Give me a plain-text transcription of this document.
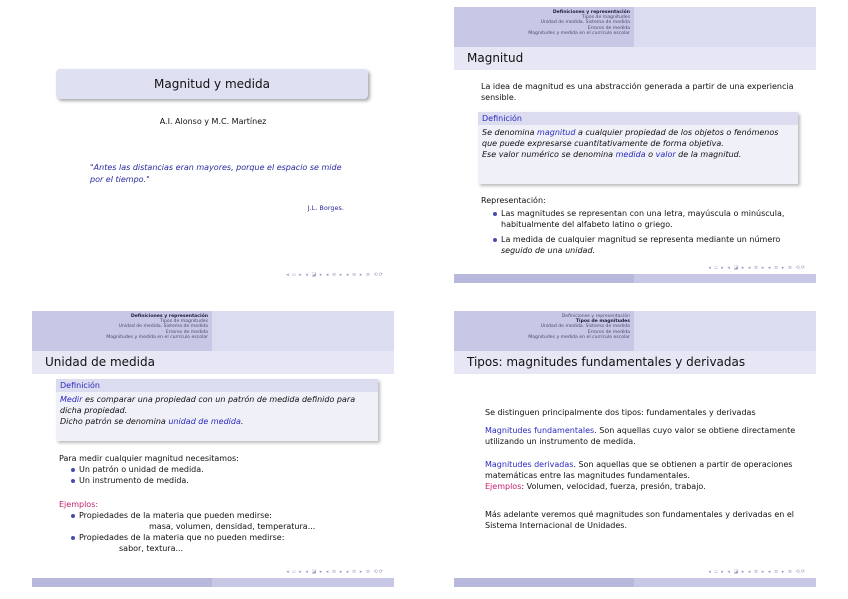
Magnitud y medida
A.I. Alonso y M.C. Martínez
"Antes las distancias eran mayores, porque el espacio se mide por el tiempo."
J.L. Borges.
◂ ▫ ▸ ◂ ◪ ▸ ◂ ≡ ▸ ◂ ≡ ▸ ≡ ⟲⟳
Definiciones y representación
Tipos de magnitudes
Unidad de medida. Sistema de medida
Errores de medida
Magnitudes y medida en el currículo escolar
Magnitud
La idea de magnitud es una abstracción generada a partir de una experiencia sensible.
Definición
Se denomina magnitud a cualquier propiedad de los objetos o fenómenos que puede expresarse cuantitativamente de forma objetiva.
Ese valor numérico se denomina medida o valor de la magnitud.
Representación:
Las magnitudes se representan con una letra, mayúscula o minúscula, habitualmente del alfabeto latino o griego.
La medida de cualquier magnitud se representa mediante un número seguido de una unidad.
◂ ▫ ▸ ◂ ◪ ▸ ◂ ≡ ▸ ◂ ≡ ▸ ≡ ⟲⟳
Definiciones y representación
Tipos de magnitudes
Unidad de medida. Sistema de medida
Errores de medida
Magnitudes y medida en el currículo escolar
Unidad de medida
Definición
Medir es comparar una propiedad con un patrón de medida definido para dicha propiedad.
Dicho patrón se denomina unidad de medida.
Para medir cualquier magnitud necesitamos:
Un patrón o unidad de medida.
Un instrumento de medida.
Ejemplos:
Propiedades de la materia que pueden medirse:
masa, volumen, densidad, temperatura...
Propiedades de la materia que no pueden medirse:
sabor, textura...
◂ ▫ ▸ ◂ ◪ ▸ ◂ ≡ ▸ ◂ ≡ ▸ ≡ ⟲⟳
Definiciones y representación
Tipos de magnitudes
Unidad de medida. Sistema de medida
Errores de medida
Magnitudes y medida en el currículo escolar
Tipos: magnitudes fundamentales y derivadas
Se distinguen principalmente dos tipos: fundamentales y derivadas
Magnitudes fundamentales. Son aquellas cuyo valor se obtiene directamente utilizando un instrumento de medida.
Magnitudes derivadas. Son aquellas que se obtienen a partir de operaciones matemáticas entre las magnitudes fundamentales.
Ejemplos: Volumen, velocidad, fuerza, presión, trabajo.
Más adelante veremos qué magnitudes son fundamentales y derivadas en el Sistema Internacional de Unidades.
◂ ▫ ▸ ◂ ◪ ▸ ◂ ≡ ▸ ◂ ≡ ▸ ≡ ⟲⟳
